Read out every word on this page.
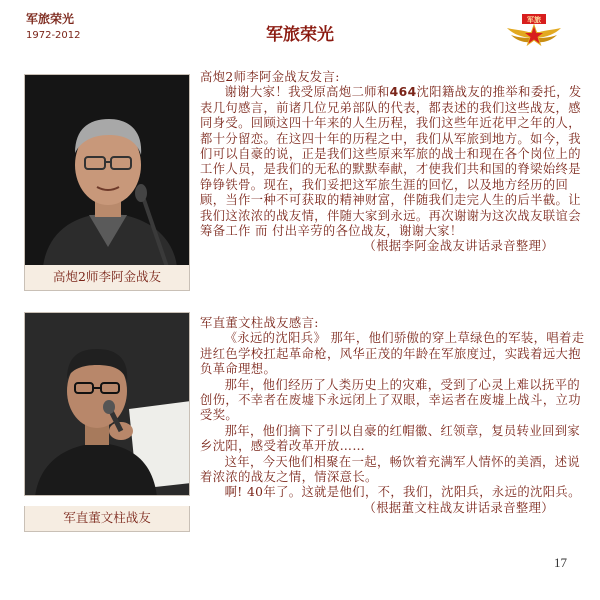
军旅荣光
1972-2012	军旅荣光
军旅
高炮2师李阿金战友

高炮2师李阿金战友发言:

谢谢大家！我受原高炮二师和464沈阳籍战友的推举和委托，发表几句感言，前诸几位兄弟部队的代表，都表述的我们这些战友，感同身受。回顾这四十年来的人生历程，我们这些年近花甲之年的人，都十分留恋。在这四十年的历程之中，我们从军旅到地方。如今，我们可以自豪的说，正是我们这些原来军旅的战士和现在各个岗位上的工作人员，是我们的无私的默默奉献，才使我们共和国的脊梁始终是铮铮铁骨。现在，我们妥把这军旅生涯的回忆，以及地方经历的回顾，当作一种不可获取的精神财富，伴随我们走完人生的后半截。让我们这浓浓的战友情，伴随大家到永远。再次谢谢为这次战友联谊会筹备工作 而 付出辛劳的各位战友，谢谢大家！

（根据李阿金战友讲话录音整理）

军直董文柱战友

军直董文柱战友感言:

《永远的沈阳兵》 那年，他们骄傲的穿上草绿色的军装，唱着走进红色学校扛起革命枪，风华正茂的年龄在军旅度过，实践着远大抱负革命理想。

那年，他们经历了人类历史上的灾难，受到了心灵上难以抚平的创伤，不幸者在废墟下永远闭上了双眼，幸运者在废墟上战斗，立功受奖。

那年，他们摘下了引以自豪的红帽徽、红领章，复员转业回到家乡沈阳，感受着改革开放……

这年，今天他们相聚在一起，畅饮着充满军人情怀的美酒，述说着浓浓的战友之情，情深意长。

啊! 40年了。这就是他们，不，我们，沈阳兵，永远的沈阳兵。

（根据董文柱战友讲话录音整理）

17
